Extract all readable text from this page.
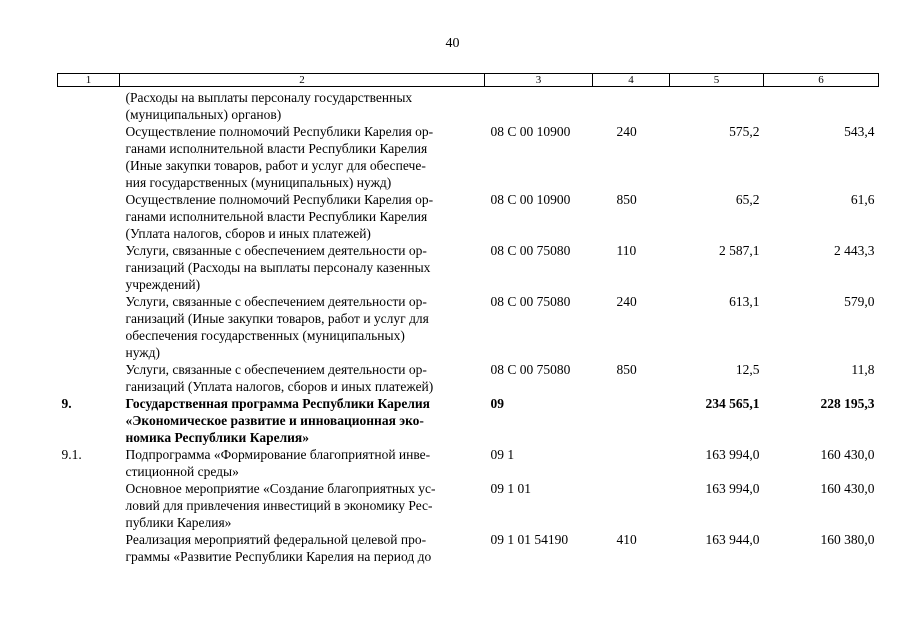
40
1	2	3	4	5	6
	(Расходы на выплаты персоналу государственных
(муниципальных) органов)				
	Осуществление полномочий Республики Карелия ор-
ганами исполнительной власти Республики Карелия
(Иные закупки товаров, работ и услуг для обеспече-
ния государственных (муниципальных) нужд)	08 С 00 10900	240	575,2	543,4
	Осуществление полномочий Республики Карелия ор-
ганами исполнительной власти Республики Карелия
(Уплата налогов, сборов и иных платежей)	08 С 00 10900	850	65,2	61,6
	Услуги, связанные с обеспечением деятельности ор-
ганизаций (Расходы на выплаты персоналу казенных
учреждений)	08 С 00 75080	110	2 587,1	2 443,3
	Услуги, связанные с обеспечением деятельности ор-
ганизаций (Иные закупки товаров, работ и услуг для
обеспечения государственных (муниципальных)
нужд)	08 С 00 75080	240	613,1	579,0
	Услуги, связанные с обеспечением деятельности ор-
ганизаций (Уплата налогов, сборов и иных платежей)	08 С 00 75080	850	12,5	11,8
9.	Государственная программа Республики Карелия
«Экономическое развитие и инновационная эко-
номика Республики Карелия»	09		234 565,1	228 195,3
9.1.	Подпрограмма «Формирование благоприятной инве-
стиционной среды»	09 1		163 994,0	160 430,0
	Основное мероприятие «Создание благоприятных ус-
ловий для привлечения инвестиций в экономику Рес-
публики Карелия»	09 1 01		163 994,0	160 430,0
	Реализация мероприятий федеральной целевой про-
граммы «Развитие Республики Карелия на период до	09 1 01 54190	410	163 944,0	160 380,0
